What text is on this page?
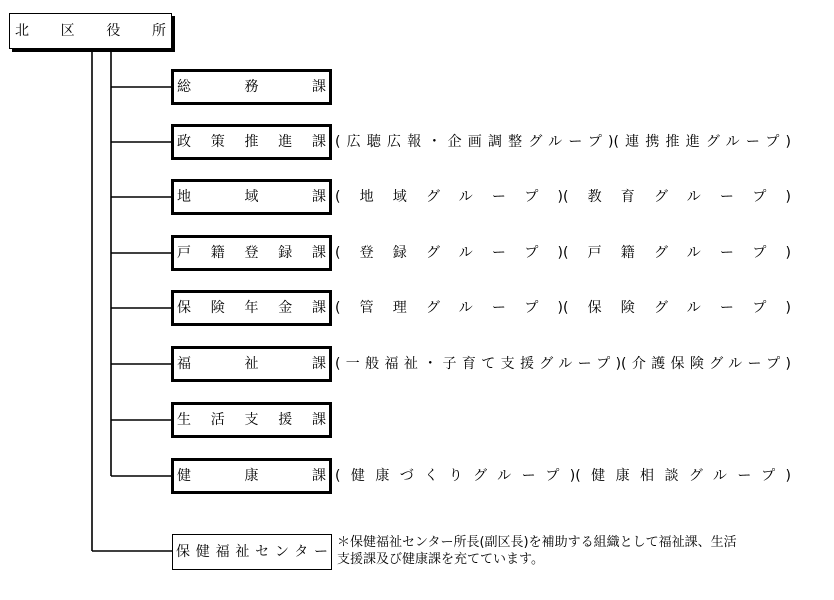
北区役所
総務課
政策推進課 (広聴広報・企画調整グループ)(連携推進グループ)
地域課 (地域グループ)(教育グループ)
戸籍登録課 (登録グループ)(戸籍グループ)
保険年金課 (管理グループ)(保険グループ)
福祉課 (一般福祉・子育て支援グループ)(介護保険グループ)
生活支援課
健康課 (健康づくりグループ)(健康相談グループ)
保健福祉センター
＊保健福祉センター所長(副区長)を補助する組織として福祉課、生活
支援課及び健康課を充てています。
